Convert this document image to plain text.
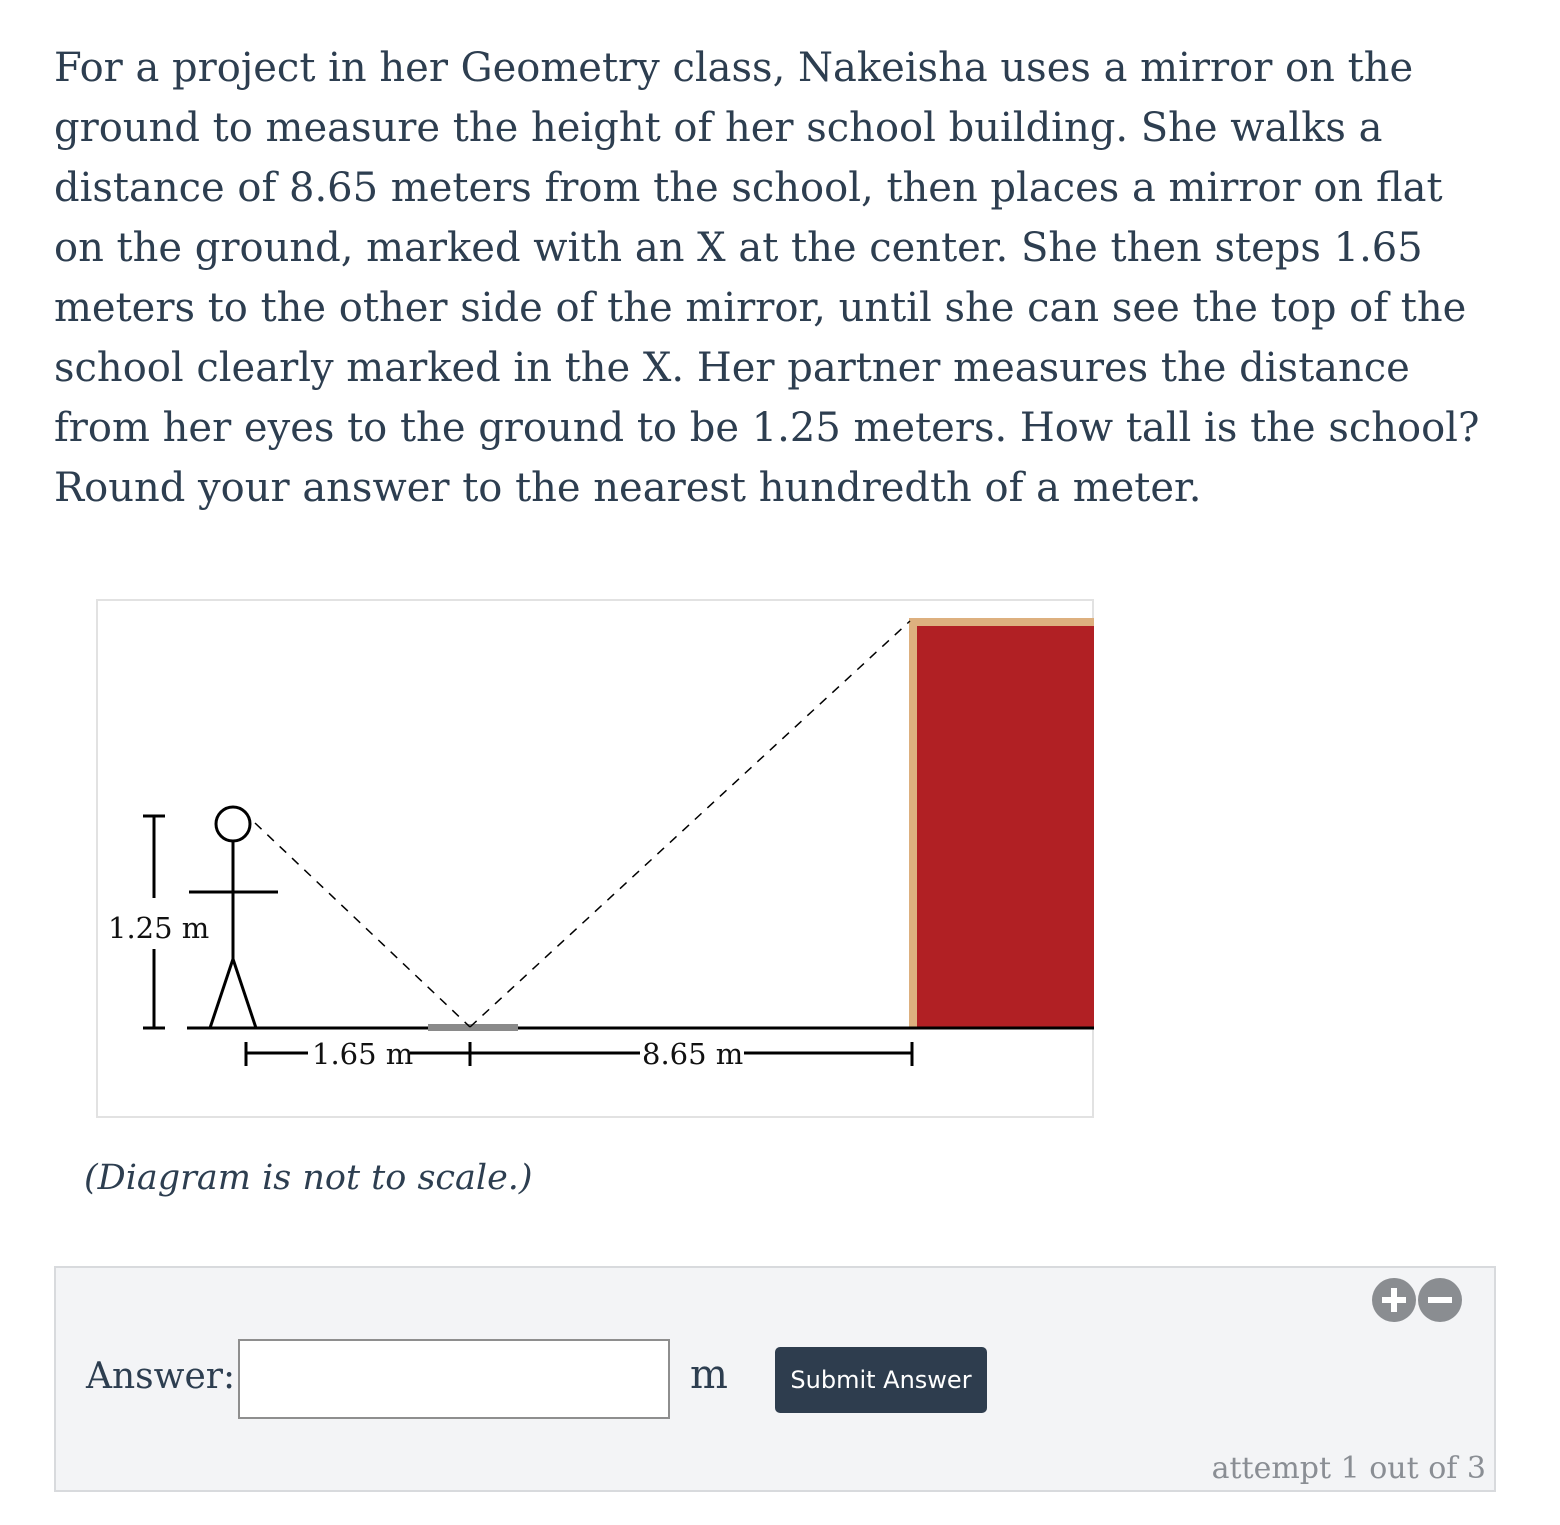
For a project in her Geometry class, Nakeisha uses a mirror on the ground to measure the height of her school building. She walks a distance of 8.65 meters from the school, then places a mirror on flat on the ground, marked with an X at the center. She then steps 1.65 meters to the other side of the mirror, until she can see the top of the school clearly marked in the X. Her partner measures the distance from her eyes to the ground to be 1.25 meters. How tall is the school? Round your answer to the nearest hundredth of a meter.

1.25 m
1.65 m	8.65 m

(Diagram is not to scale.)

Answer:	m	Submit Answer
attempt 1 out of 3
